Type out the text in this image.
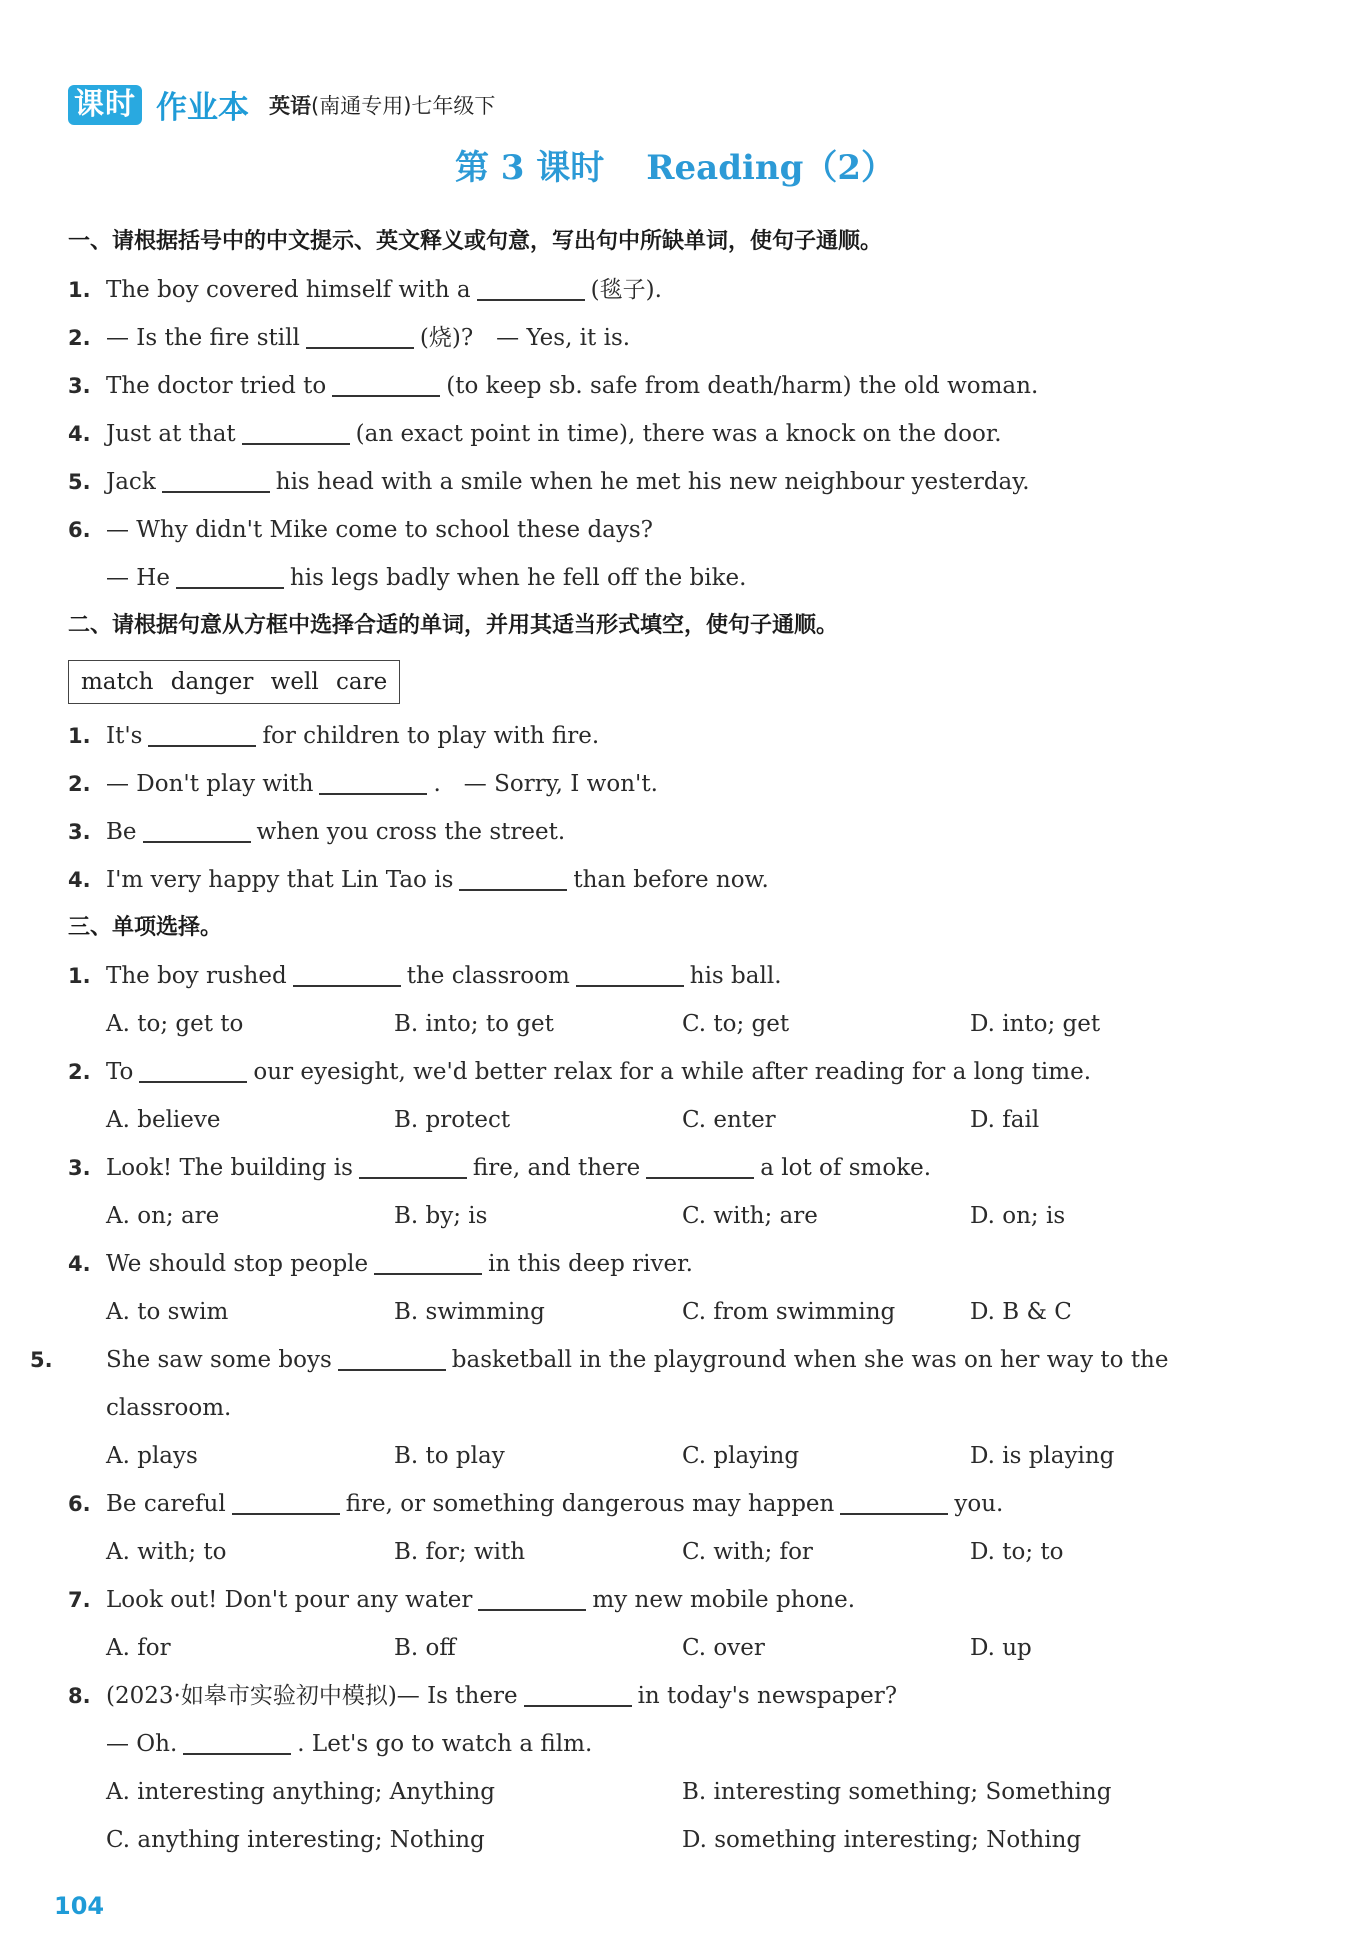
课时 作业本 英语(南通专用)七年级下
第 3 课时 Reading（2）
一、请根据括号中的中文提示、英文释义或句意，写出句中所缺单词，使句子通顺。
1. The boy covered himself with a	(毯子).
2. — Is the fire still	(烧)?　— Yes, it is.
3. The doctor tried to	(to keep sb. safe from death/harm) the old woman.
4. Just at that	(an exact point in time), there was a knock on the door.
5. Jack	his head with a smile when he met his new neighbour yesterday.
6. — Why didn't Mike come to school these days?
— He	his legs badly when he fell off the bike.
二、请根据句意从方框中选择合适的单词，并用其适当形式填空，使句子通顺。
match danger well care
1. It's	for children to play with fire.
2. — Don't play with	.　— Sorry, I won't.
3. Be	when you cross the street.
4. I'm very happy that Lin Tao is	than before now.
三、单项选择。
1. The boy rushed	the classroom	his ball.
A. to; get to	B. into; to get	C. to; get	D. into; get
2. To	our eyesight, we'd better relax for a while after reading for a long time.
A. believe	B. protect	C. enter	D. fail
3. Look! The building is	fire, and there	a lot of smoke.
A. on; are	B. by; is	C. with; are	D. on; is
4. We should stop people	in this deep river.
A. to swim	B. swimming	C. from swimming	D. B & C
5. She saw some boys	basketball in the playground when she was on her way to the classroom.
A. plays	B. to play	C. playing	D. is playing
6. Be careful	fire, or something dangerous may happen	you.
A. with; to	B. for; with	C. with; for	D. to; to
7. Look out! Don't pour any water	my new mobile phone.
A. for	B. off	C. over	D. up
8. (2023·如皋市实验初中模拟)— Is there	in today's newspaper?
— Oh.	. Let's go to watch a film.
A. interesting anything; Anything	B. interesting something; Something
C. anything interesting; Nothing	D. something interesting; Nothing
104
